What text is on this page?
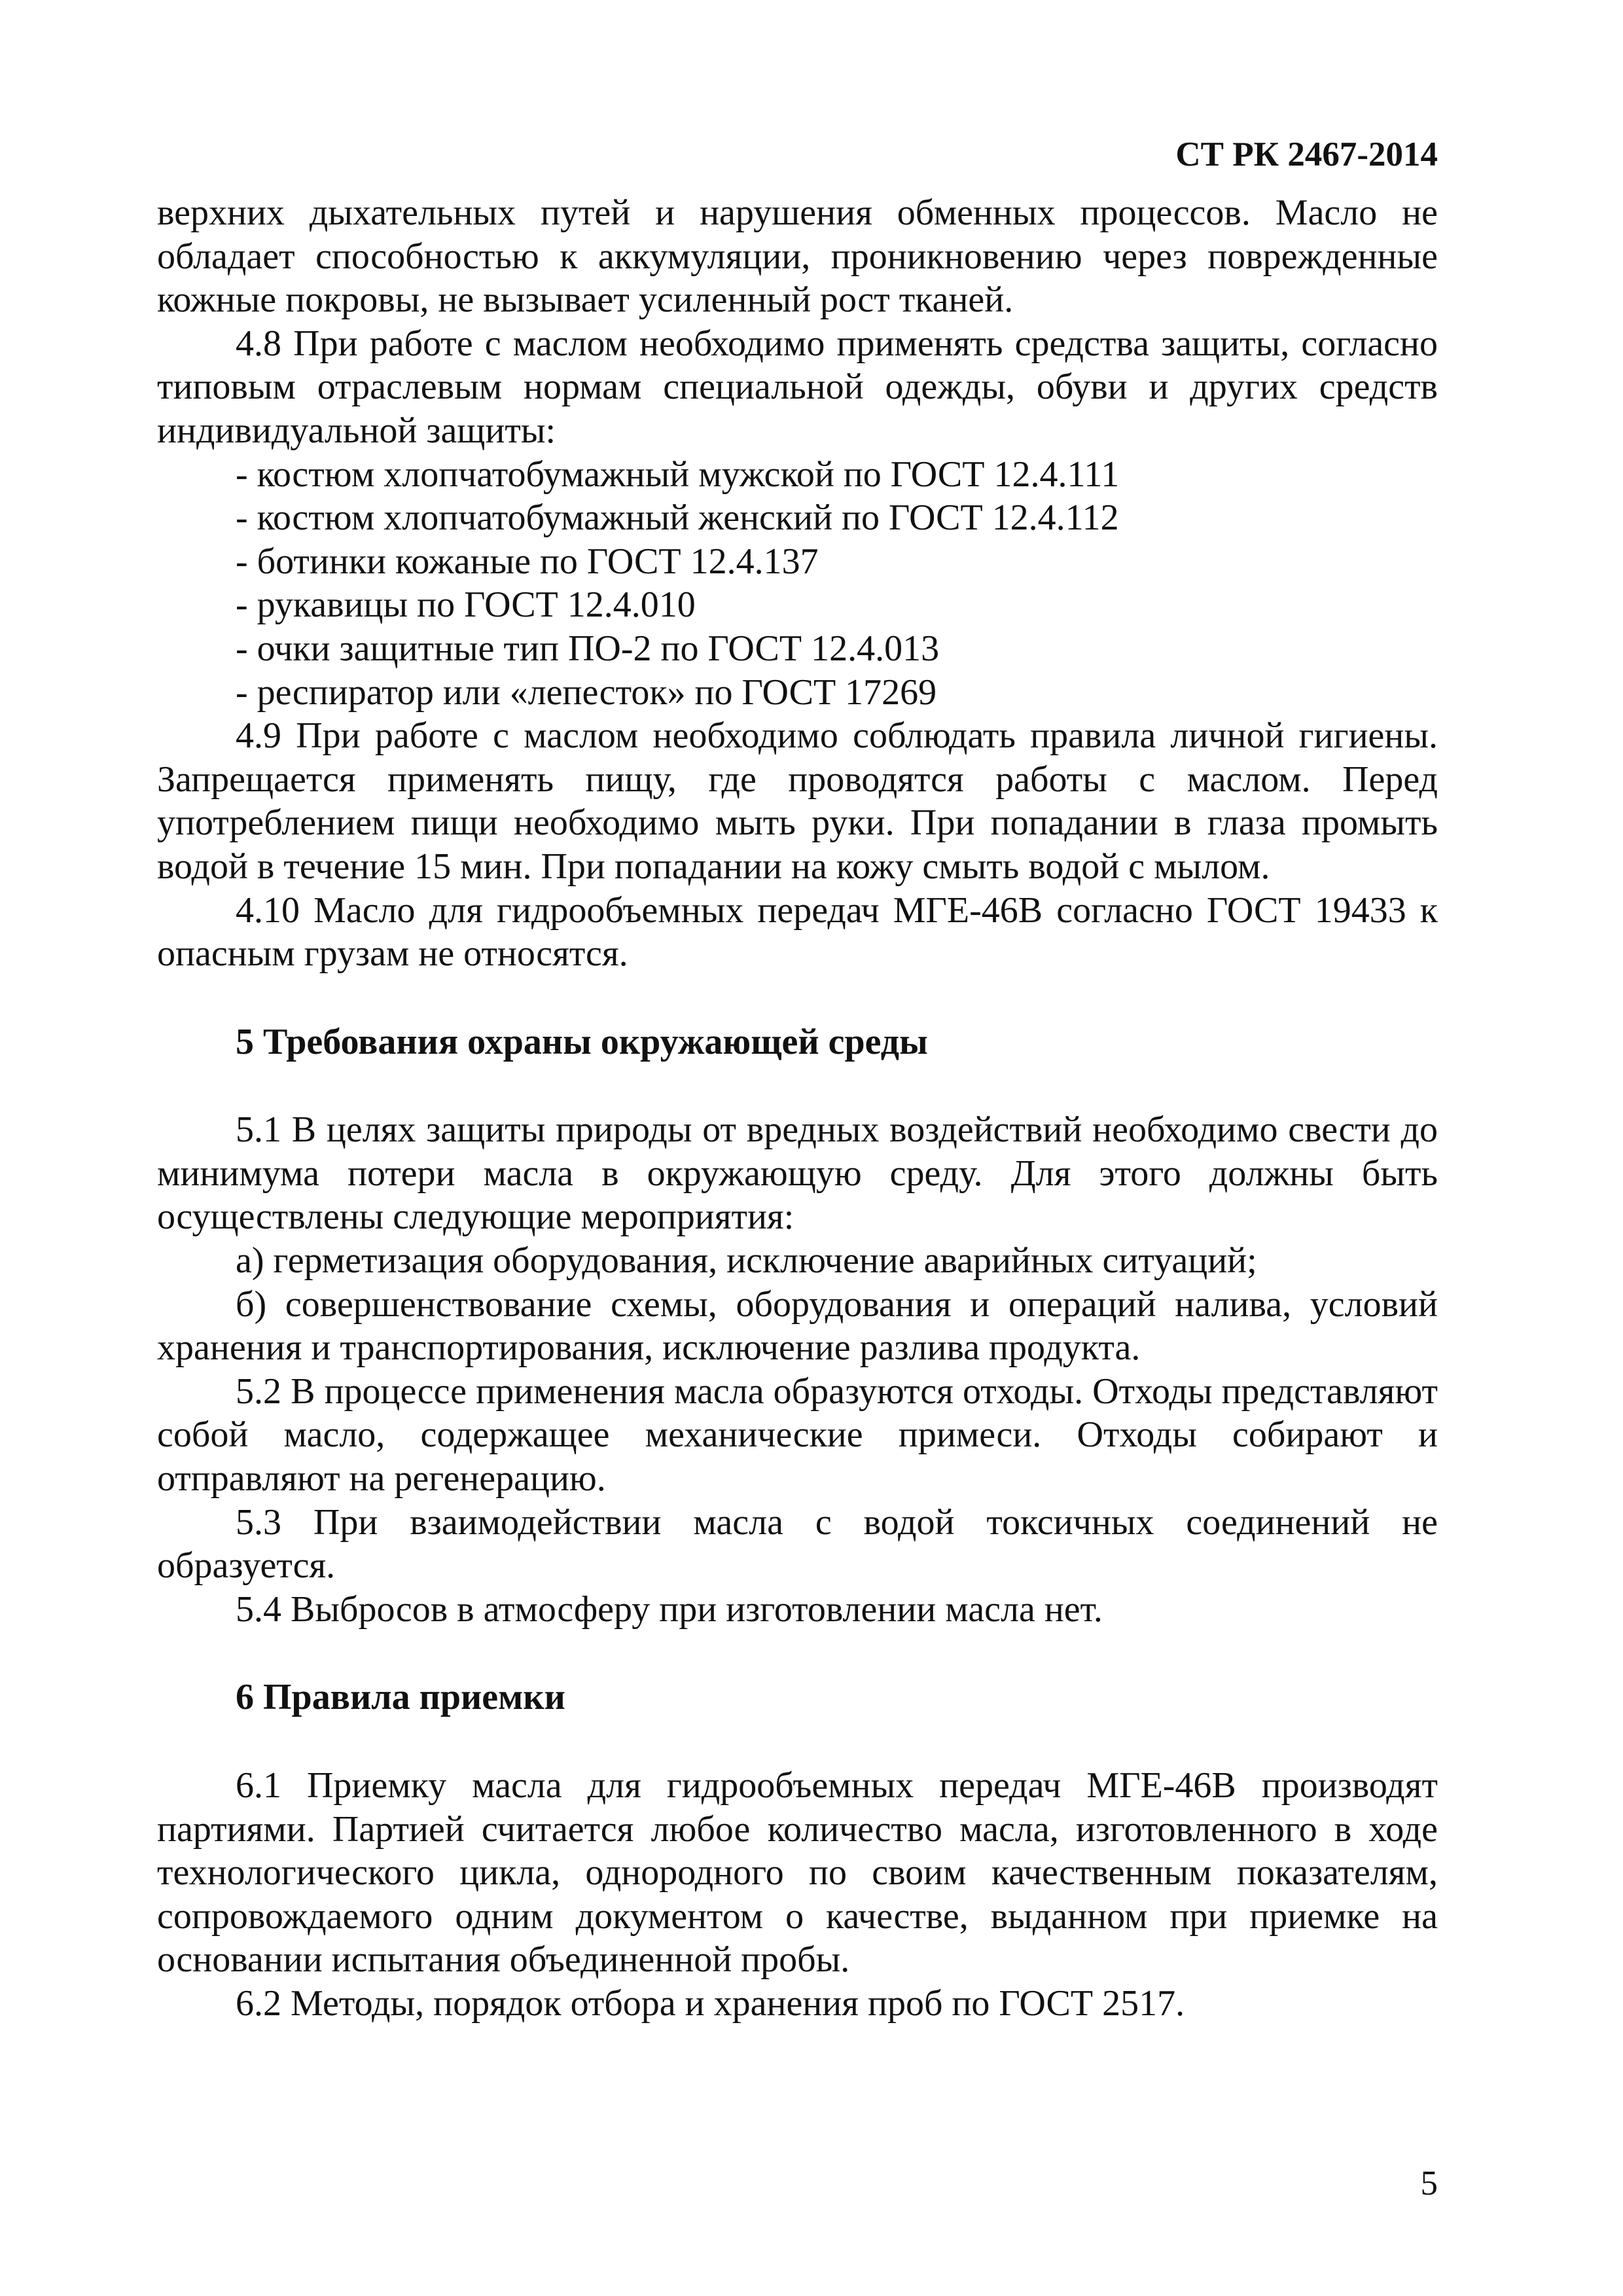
СТ РК 2467-2014

верхних дыхательных путей и нарушения обменных процессов. Масло не обладает способностью к аккумуляции, проникновению через поврежденные кожные покровы, не вызывает усиленный рост тканей.

4.8 При работе с маслом необходимо применять средства защиты, согласно типовым отраслевым нормам специальной одежды, обуви и других средств индивидуальной защиты:

- костюм хлопчатобумажный мужской по ГОСТ 12.4.111

- костюм хлопчатобумажный женский по ГОСТ 12.4.112

- ботинки кожаные по ГОСТ 12.4.137

- рукавицы по ГОСТ 12.4.010

- очки защитные тип ПО-2 по ГОСТ 12.4.013

- респиратор или «лепесток» по ГОСТ 17269

4.9 При работе с маслом необходимо соблюдать правила личной гигиены. Запрещается применять пищу, где проводятся работы с маслом. Перед употреблением пищи необходимо мыть руки. При попадании в глаза промыть водой в течение 15 мин. При попадании на кожу смыть водой с мылом.

4.10 Масло для гидрообъемных передач МГЕ-46В согласно ГОСТ 19433 к опасным грузам не относятся.

5 Требования охраны окружающей среды

5.1 В целях защиты природы от вредных воздействий необходимо свести до минимума потери масла в окружающую среду. Для этого должны быть осуществлены следующие мероприятия:

а) герметизация оборудования, исключение аварийных ситуаций;

б) совершенствование схемы, оборудования и операций налива, условий хранения и транспортирования, исключение разлива продукта.

5.2 В процессе применения масла образуются отходы. Отходы представляют собой масло, содержащее механические примеси. Отходы собирают и отправляют на регенерацию.

5.3 При взаимодействии масла с водой токсичных соединений не образуется.

5.4 Выбросов в атмосферу при изготовлении масла нет.

6 Правила приемки

6.1 Приемку масла для гидрообъемных передач МГЕ-46В производят партиями. Партией считается любое количество масла, изготовленного в ходе технологического цикла, однородного по своим качественным показателям, сопровождаемого одним документом о качестве, выданном при приемке на основании испытания объединенной пробы.

6.2 Методы, порядок отбора и хранения проб по ГОСТ 2517.

5
